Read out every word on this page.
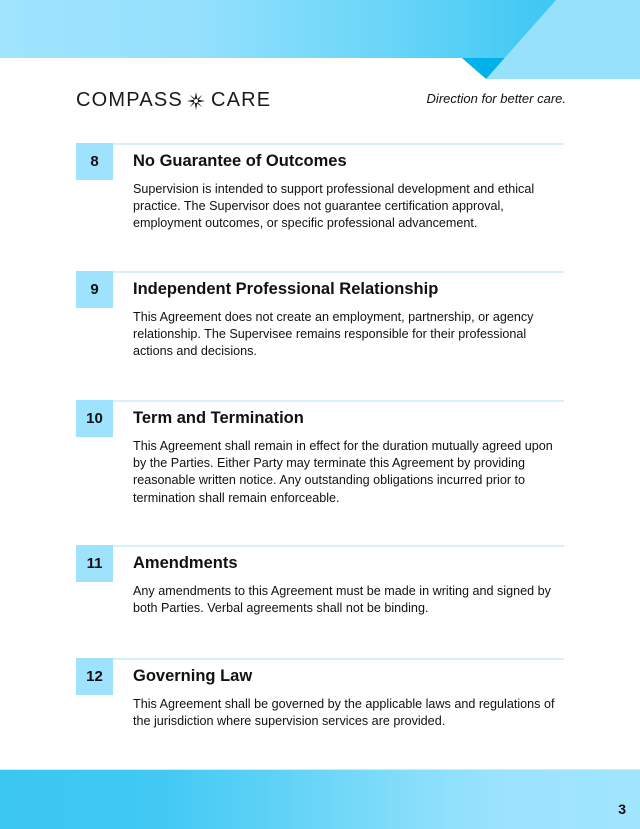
COMPASS CARE	Direction for better care.
8	No Guarantee of Outcomes
Supervision is intended to support professional development and ethical practice. The Supervisor does not guarantee certification approval, employment outcomes, or specific professional advancement.
9	Independent Professional Relationship
This Agreement does not create an employment, partnership, or agency relationship. The Supervisee remains responsible for their professional actions and decisions.
10	Term and Termination
This Agreement shall remain in effect for the duration mutually agreed upon by the Parties. Either Party may terminate this Agreement by providing reasonable written notice. Any outstanding obligations incurred prior to termination shall remain enforceable.
11	Amendments
Any amendments to this Agreement must be made in writing and signed by both Parties. Verbal agreements shall not be binding.
12	Governing Law
This Agreement shall be governed by the applicable laws and regulations of the jurisdiction where supervision services are provided.
3
